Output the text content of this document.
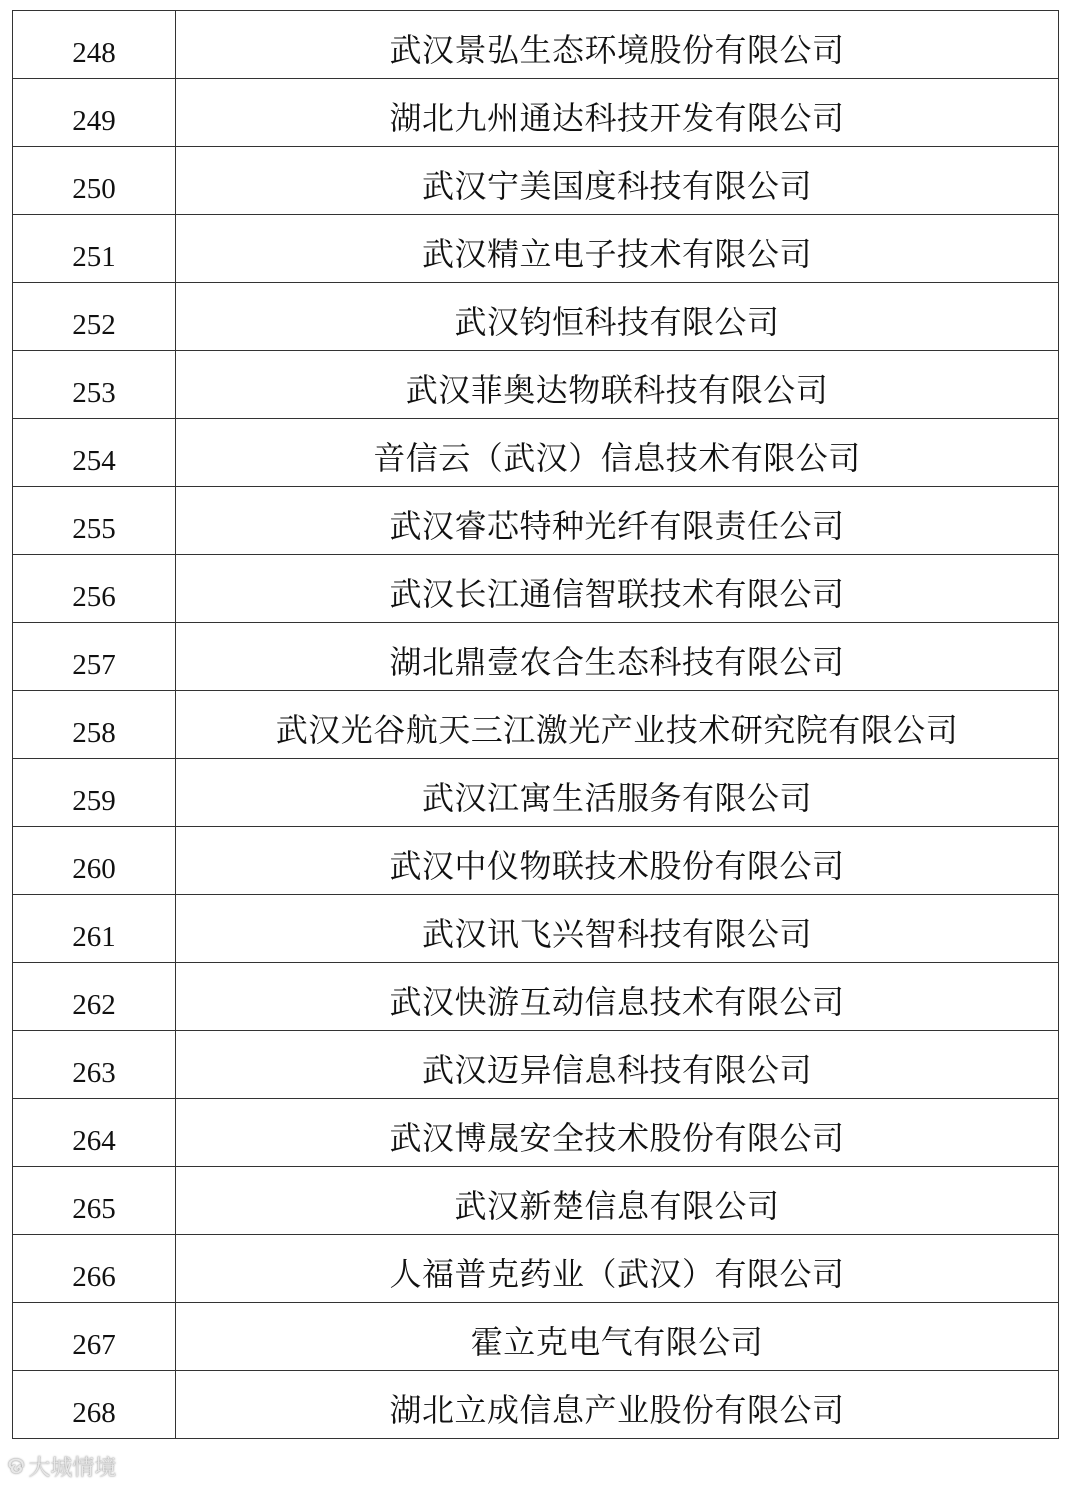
248	武汉景弘生态环境股份有限公司
249	湖北九州通达科技开发有限公司
250	武汉宁美国度科技有限公司
251	武汉精立电子技术有限公司
252	武汉钧恒科技有限公司
253	武汉菲奥达物联科技有限公司
254	音信云（武汉）信息技术有限公司
255	武汉睿芯特种光纤有限责任公司
256	武汉长江通信智联技术有限公司
257	湖北鼎壹农合生态科技有限公司
258	武汉光谷航天三江激光产业技术研究院有限公司
259	武汉江寓生活服务有限公司
260	武汉中仪物联技术股份有限公司
261	武汉讯飞兴智科技有限公司
262	武汉快游互动信息技术有限公司
263	武汉迈异信息科技有限公司
264	武汉博晟安全技术股份有限公司
265	武汉新楚信息有限公司
266	人福普克药业（武汉）有限公司
267	霍立克电气有限公司
268	湖北立成信息产业股份有限公司
ଡ 大城情境
